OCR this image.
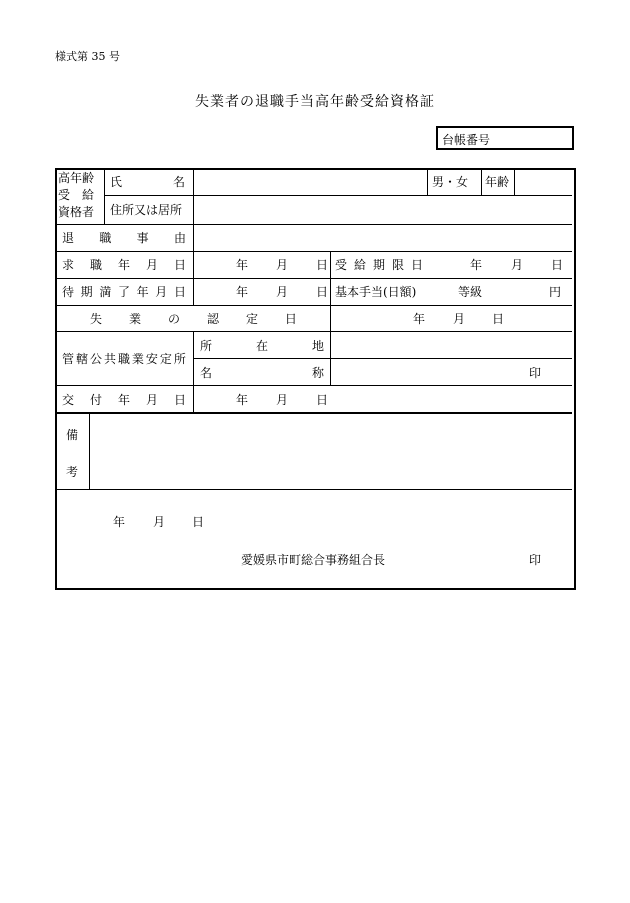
様式第 35 号
失業者の退職手当高年齢受給資格証
台帳番号
高年齢
受　給
資格者
氏	名	男・女 年齢
住所又は居所
退 職 事 由
求 職 年 月 日	年 月 日 受 給 期 限 日	年 月 日
待 期 満 了 年 月 日	年 月 日 基本手当(日額)	等級	円
失 業 の 認 定 日	年 月 日
管 轄 公 共 職 業 安 定 所
所	在	地
名	称	印
交 付 年 月 日	年 月 日
備
考
年 月 日
愛媛県市町総合事務組合長	印
